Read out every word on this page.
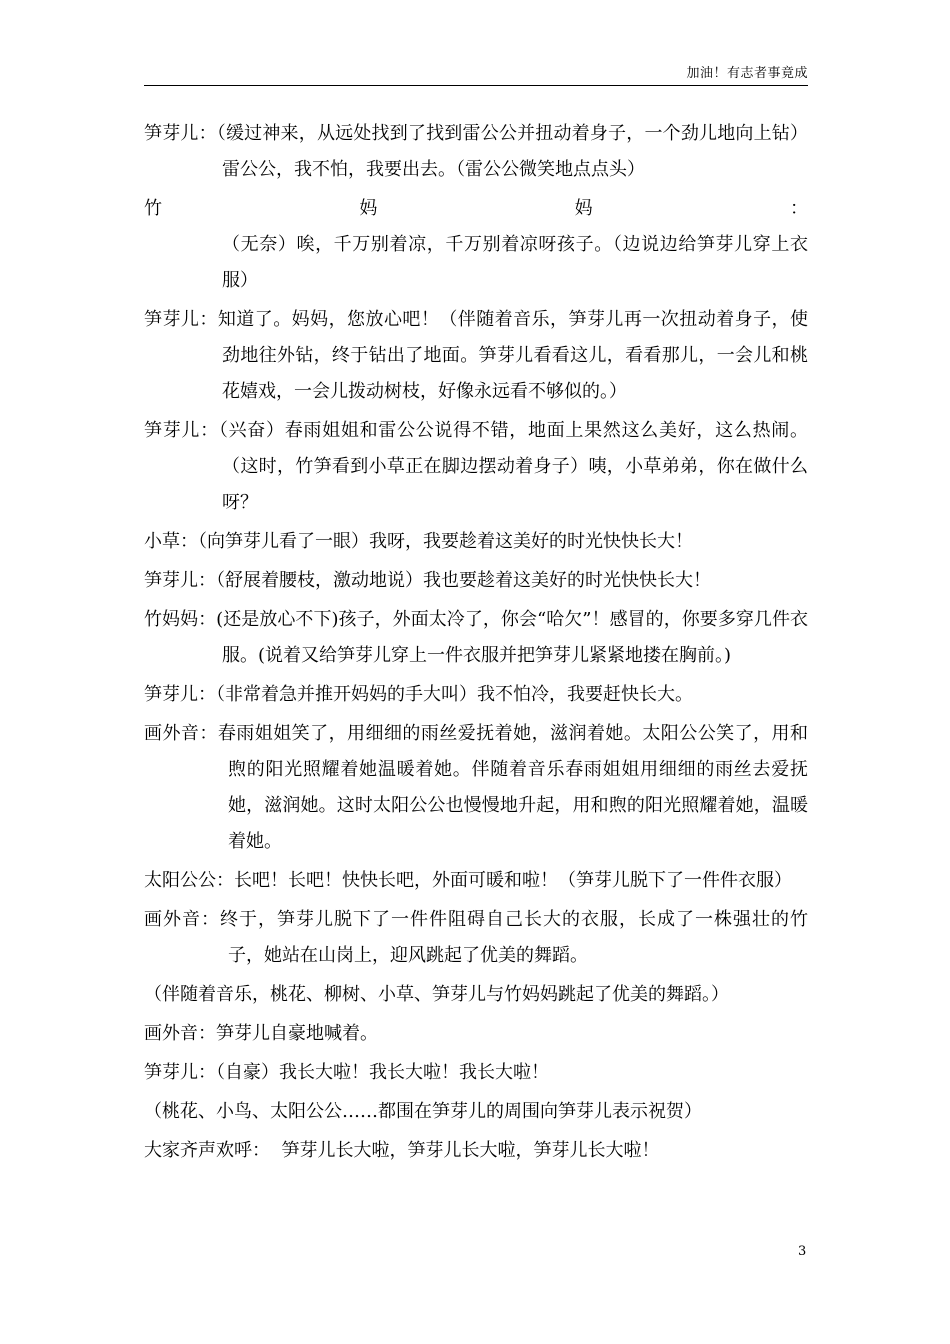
加油！有志者事竟成

笋芽儿：（缓过神来，从远处找到了找到雷公公并扭动着身子，一个劲儿地向上钻）雷公公，我不怕，我要出去。（雷公公微笑地点点头）

竹妈妈：（无奈）唉，千万别着凉，千万别着凉呀孩子。（边说边给笋芽儿穿上衣服）

笋芽儿：知道了。妈妈，您放心吧！（伴随着音乐，笋芽儿再一次扭动着身子，使劲地往外钻，终于钻出了地面。笋芽儿看看这儿，看看那儿，一会儿和桃花嬉戏，一会儿拨动树枝，好像永远看不够似的。）

笋芽儿：（兴奋）春雨姐姐和雷公公说得不错，地面上果然这么美好，这么热闹。（这时，竹笋看到小草正在脚边摆动着身子）咦，小草弟弟，你在做什么呀？

小草：（向笋芽儿看了一眼）我呀，我要趁着这美好的时光快快长大！

笋芽儿：（舒展着腰枝，激动地说）我也要趁着这美好的时光快快长大！

竹妈妈：(还是放心不下)孩子，外面太冷了，你会“哈欠”！感冒的，你要多穿几件衣服。(说着又给笋芽儿穿上一件衣服并把笋芽儿紧紧地搂在胸前。)

笋芽儿：（非常着急并推开妈妈的手大叫）我不怕冷，我要赶快长大。

画外音：春雨姐姐笑了，用细细的雨丝爱抚着她，滋润着她。太阳公公笑了，用和煦的阳光照耀着她温暖着她。伴随着音乐春雨姐姐用细细的雨丝去爱抚她，滋润她。这时太阳公公也慢慢地升起，用和煦的阳光照耀着她，温暖着她。

太阳公公：长吧！长吧！快快长吧，外面可暖和啦！（笋芽儿脱下了一件件衣服）

画外音：终于，笋芽儿脱下了一件件阻碍自己长大的衣服，长成了一株强壮的竹子，她站在山岗上，迎风跳起了优美的舞蹈。

（伴随着音乐，桃花、柳树、小草、笋芽儿与竹妈妈跳起了优美的舞蹈。）

画外音：笋芽儿自豪地喊着。

笋芽儿：（自豪）我长大啦！我长大啦！我长大啦！

（桃花、小鸟、太阳公公……都围在笋芽儿的周围向笋芽儿表示祝贺）

大家齐声欢呼：  笋芽儿长大啦，笋芽儿长大啦，笋芽儿长大啦！

3
